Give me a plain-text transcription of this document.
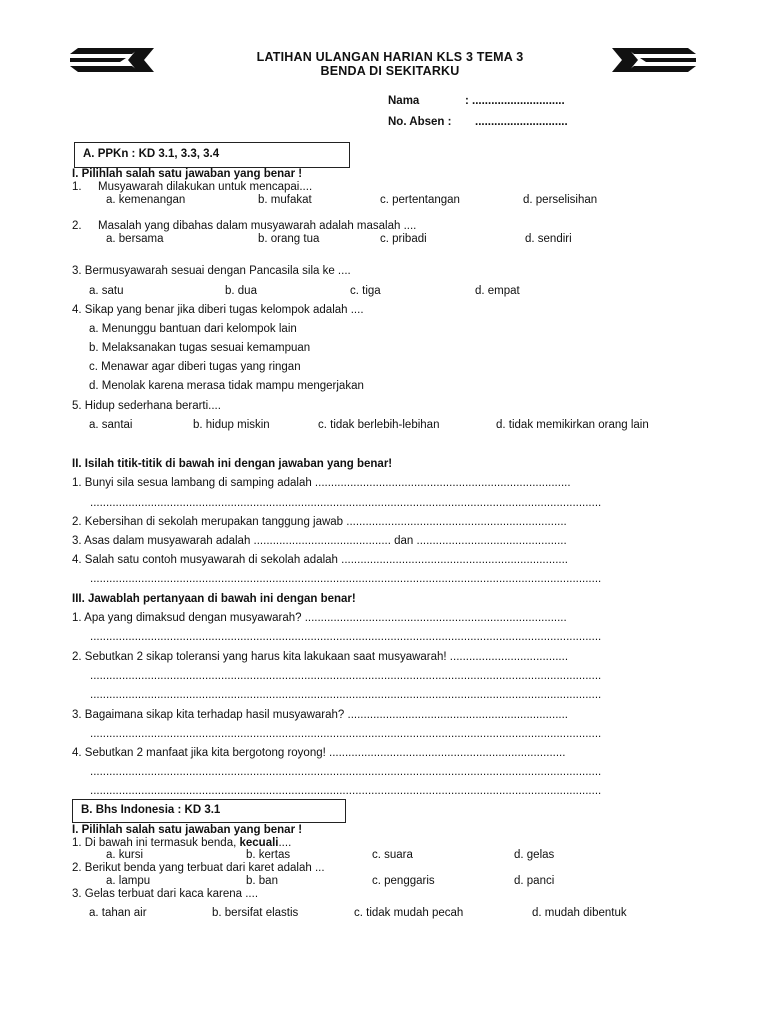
LATIHAN ULANGAN HARIAN KLS 3 TEMA 3
BENDA DI SEKITARKU
Nama	: .............................
No. Absen : .............................
A. PPKn : KD 3.1, 3.3, 3.4
I. Pilihlah salah satu jawaban yang benar !
1. Musyawarah dilakukan untuk mencapai....
a. kemenangan	b. mufakat	c. pertentangan	d. perselisihan
2. Masalah yang dibahas dalam musyawarah adalah masalah ....
a. bersama	b. orang tua	c. pribadi	d. sendiri
3. Bermusyawarah sesuai dengan Pancasila sila ke ....
a. satu	b. dua	c. tiga	d. empat
4. Sikap yang benar jika diberi tugas kelompok adalah ....
a. Menunggu bantuan dari kelompok lain
b. Melaksanakan tugas sesuai kemampuan
c. Menawar agar diberi tugas yang ringan
d. Menolak karena merasa tidak mampu mengerjakan
5. Hidup sederhana berarti....
a. santai	b. hidup miskin	c. tidak berlebih-lebihan	d. tidak memikirkan orang lain
II. Isilah titik-titik di bawah ini dengan jawaban yang benar!
1. Bunyi sila sesua lambang di samping adalah ................................................................................
................................................................................................................................................................
2. Kebersihan di sekolah merupakan tanggung jawab .....................................................................
3. Asas dalam musyawarah adalah ........................................... dan ...............................................
4. Salah satu contoh musyawarah di sekolah adalah .......................................................................
................................................................................................................................................................
III. Jawablah pertanyaan di bawah ini dengan benar!
1. Apa yang dimaksud dengan musyawarah? ..................................................................................
................................................................................................................................................................
2. Sebutkan 2 sikap toleransi yang harus kita lakukaan saat musyawarah! .....................................
................................................................................................................................................................
................................................................................................................................................................
3. Bagaimana sikap kita terhadap hasil musyawarah? .....................................................................
................................................................................................................................................................
4. Sebutkan 2 manfaat jika kita bergotong royong! ..........................................................................
................................................................................................................................................................
................................................................................................................................................................
B. Bhs Indonesia : KD 3.1
I. Pilihlah salah satu jawaban yang benar !
1. Di bawah ini termasuk benda, kecuali....
a. kursi	b. kertas	c. suara	d. gelas
2. Berikut benda yang terbuat dari karet adalah ...
a. lampu	b. ban	c. penggaris	d. panci
3. Gelas terbuat dari kaca karena ....
a. tahan air	b. bersifat elastis	c. tidak mudah pecah	d. mudah dibentuk
